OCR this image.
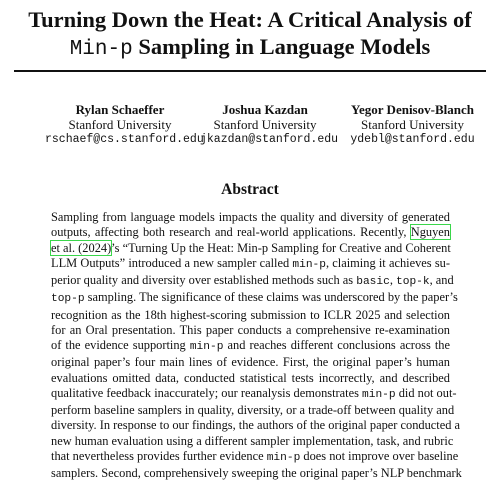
Turning Down the Heat: A Critical Analysis of
Min-p Sampling in Language Models
Rylan Schaeffer
Stanford University
rschaef@cs.stanford.edu
Joshua Kazdan
Stanford University
jkazdan@stanford.edu
Yegor Denisov-Blanch
Stanford University
ydebl@stanford.edu
Abstract
Sampling from language models impacts the quality and diversity of generated
outputs, affecting both research and real-world applications. Recently, Nguyen
et al. (2024)’s “Turning Up the Heat: Min-p Sampling for Creative and Coherent
LLM Outputs” introduced a new sampler called min-p, claiming it achieves su-
perior quality and diversity over established methods such as basic, top-k, and
top-p sampling. The significance of these claims was underscored by the paper’s
recognition as the 18th highest-scoring submission to ICLR 2025 and selection
for an Oral presentation. This paper conducts a comprehensive re-examination
of the evidence supporting min-p and reaches different conclusions across the
original paper’s four main lines of evidence. First, the original paper’s human
evaluations omitted data, conducted statistical tests incorrectly, and described
qualitative feedback inaccurately; our reanalysis demonstrates min-p did not out-
perform baseline samplers in quality, diversity, or a trade-off between quality and
diversity. In response to our findings, the authors of the original paper conducted a
new human evaluation using a different sampler implementation, task, and rubric
that nevertheless provides further evidence min-p does not improve over baseline
samplers. Second, comprehensively sweeping the original paper’s NLP benchmark
